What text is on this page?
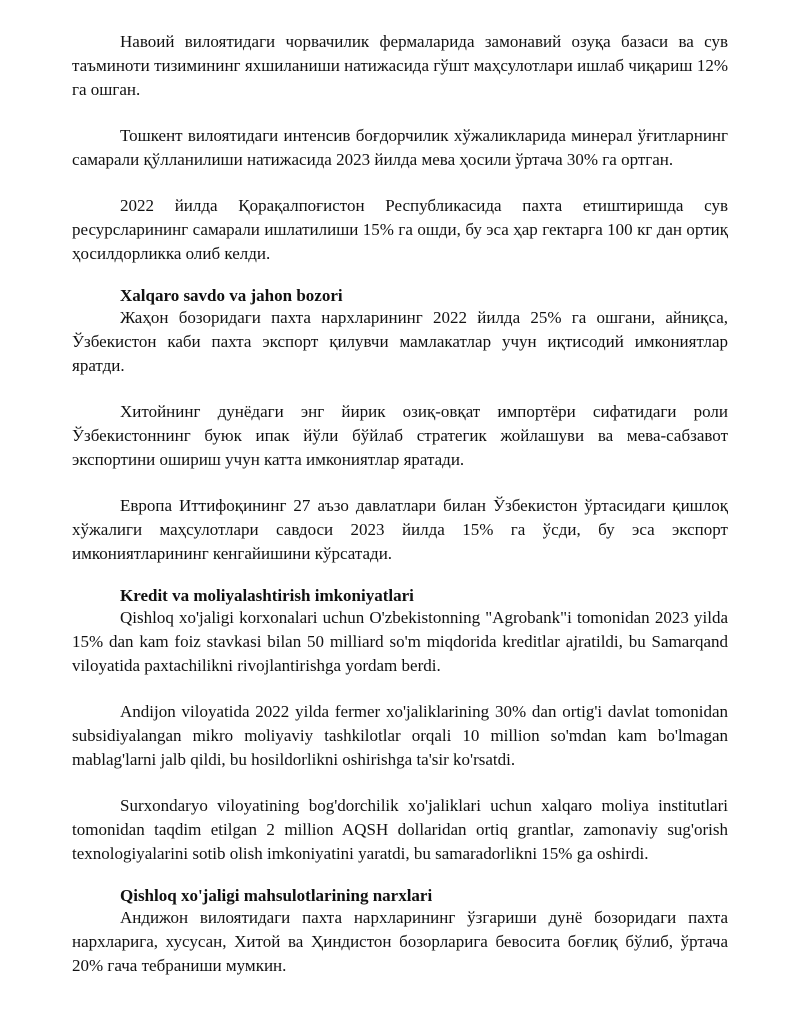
Навоий вилоятидаги чорвачилик фермаларида замонавий озуқа базаси ва сув таъминоти тизимининг яхшиланиши натижасида гўшт маҳсулотлари ишлаб чиқариш 12% га ошган.

Тошкент вилоятидаги интенсив боғдорчилик хўжаликларида минерал ўғитларнинг самарали қўлланилиши натижасида 2023 йилда мева ҳосили ўртача 30% га ортган.

2022 йилда Қорақалпоғистон Республикасида пахта етиштиришда сув ресурсларининг самарали ишлатилиши 15% га ошди, бу эса ҳар гектарга 100 кг дан ортиқ ҳосилдорликка олиб келди.

Xalqaro savdo va jahon bozori

Жаҳон бозоридаги пахта нархларининг 2022 йилда 25% га ошгани, айниқса, Ўзбекистон каби пахта экспорт қилувчи мамлакатлар учун иқтисодий имкониятлар яратди.

Хитойнинг дунёдаги энг йирик озиқ-овқат импортёри сифатидаги роли Ўзбекистоннинг буюк ипак йўли бўйлаб стратегик жойлашуви ва мева-сабзавот экспортини ошириш учун катта имкониятлар яратади.

Европа Иттифоқининг 27 аъзо давлатлари билан Ўзбекистон ўртасидаги қишлоқ хўжалиги маҳсулотлари савдоси 2023 йилда 15% га ўсди, бу эса экспорт имкониятларининг кенгайишини кўрсатади.

Kredit va moliyalashtirish imkoniyatlari

Qishloq xo'jaligi korxonalari uchun O'zbekistonning "Agrobank"i tomonidan 2023 yilda 15% dan kam foiz stavkasi bilan 50 milliard so'm miqdorida kreditlar ajratildi, bu Samarqand viloyatida paxtachilikni rivojlantirishga yordam berdi.

Andijon viloyatida 2022 yilda fermer xo'jaliklarining 30% dan ortig'i davlat tomonidan subsidiyalangan mikro moliyaviy tashkilotlar orqali 10 million so'mdan kam bo'lmagan mablag'larni jalb qildi, bu hosildorlikni oshirishga ta'sir ko'rsatdi.

Surxondaryo viloyatining bog'dorchilik xo'jaliklari uchun xalqaro moliya institutlari tomonidan taqdim etilgan 2 million AQSH dollaridan ortiq grantlar, zamonaviy sug'orish texnologiyalarini sotib olish imkoniyatini yaratdi, bu samaradorlikni 15% ga oshirdi.

Qishloq xo'jaligi mahsulotlarining narxlari

Андижон вилоятидаги пахта нархларининг ўзгариши дунё бозоридаги пахта нархларига, хусусан, Хитой ва Ҳиндистон бозорларига бевосита боғлиқ бўлиб, ўртача 20% гача тебраниши мумкин.
